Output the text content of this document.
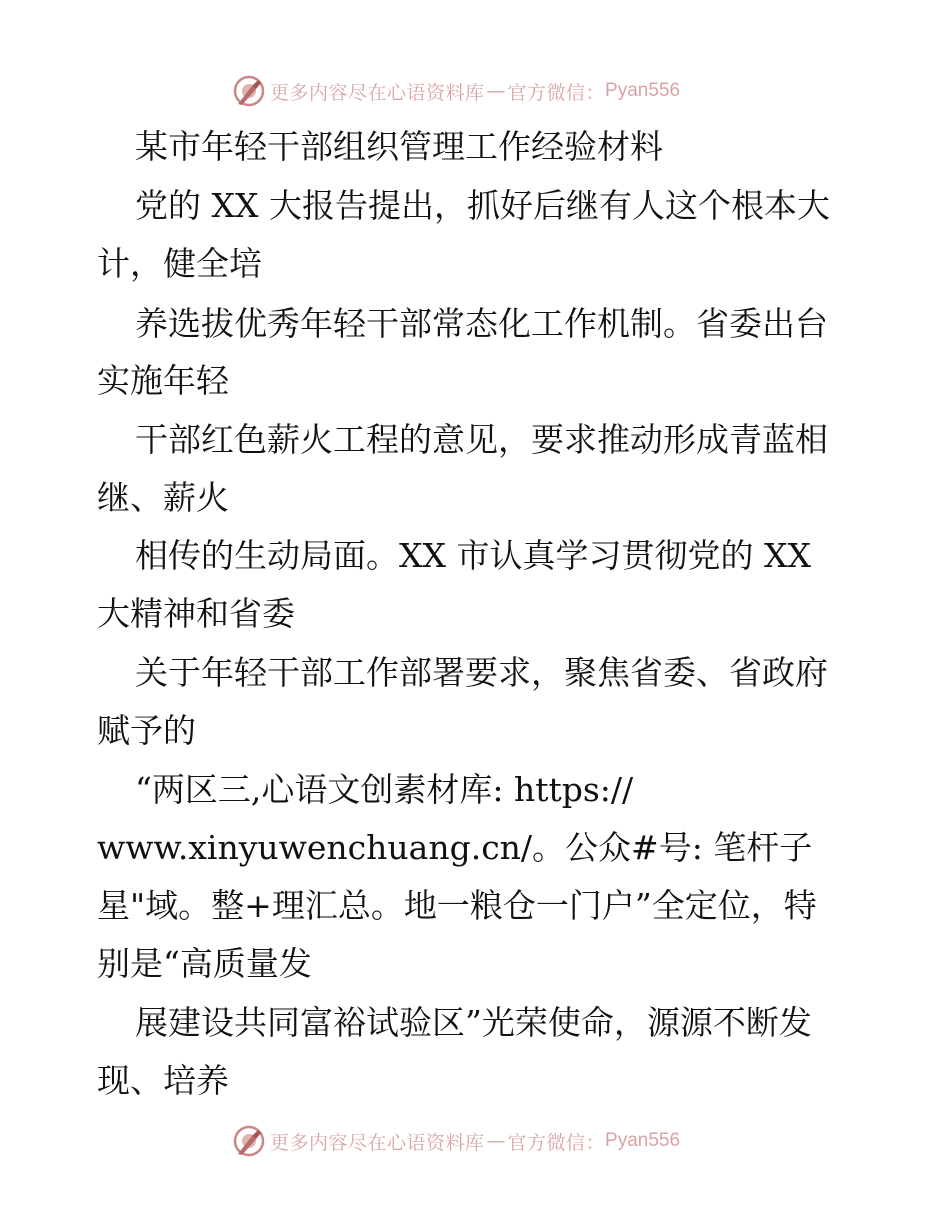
更多内容尽在心语资料库 — 官方微信： Pyan556
某市年轻干部组织管理工作经验材料
党的 XX 大报告提出，抓好后继有人这个根本大
计，健全培
养选拔优秀年轻干部常态化工作机制。省委出台
实施年轻
干部红色薪火工程的意见，要求推动形成青蓝相
继、薪火
相传的生动局面。XX 市认真学习贯彻党的 XX
大精神和省委
关于年轻干部工作部署要求，聚焦省委、省政府
赋予的
“两区三,心语文创素材库: https://
www.xinyuwenchuang.cn/。公众#号: 笔杆子
星"域。整+理汇总。地一粮仓一门户”全定位，特
别是“高质量发
展建设共同富裕试验区”光荣使命，源源不断发
现、培养
更多内容尽在心语资料库 — 官方微信： Pyan556
